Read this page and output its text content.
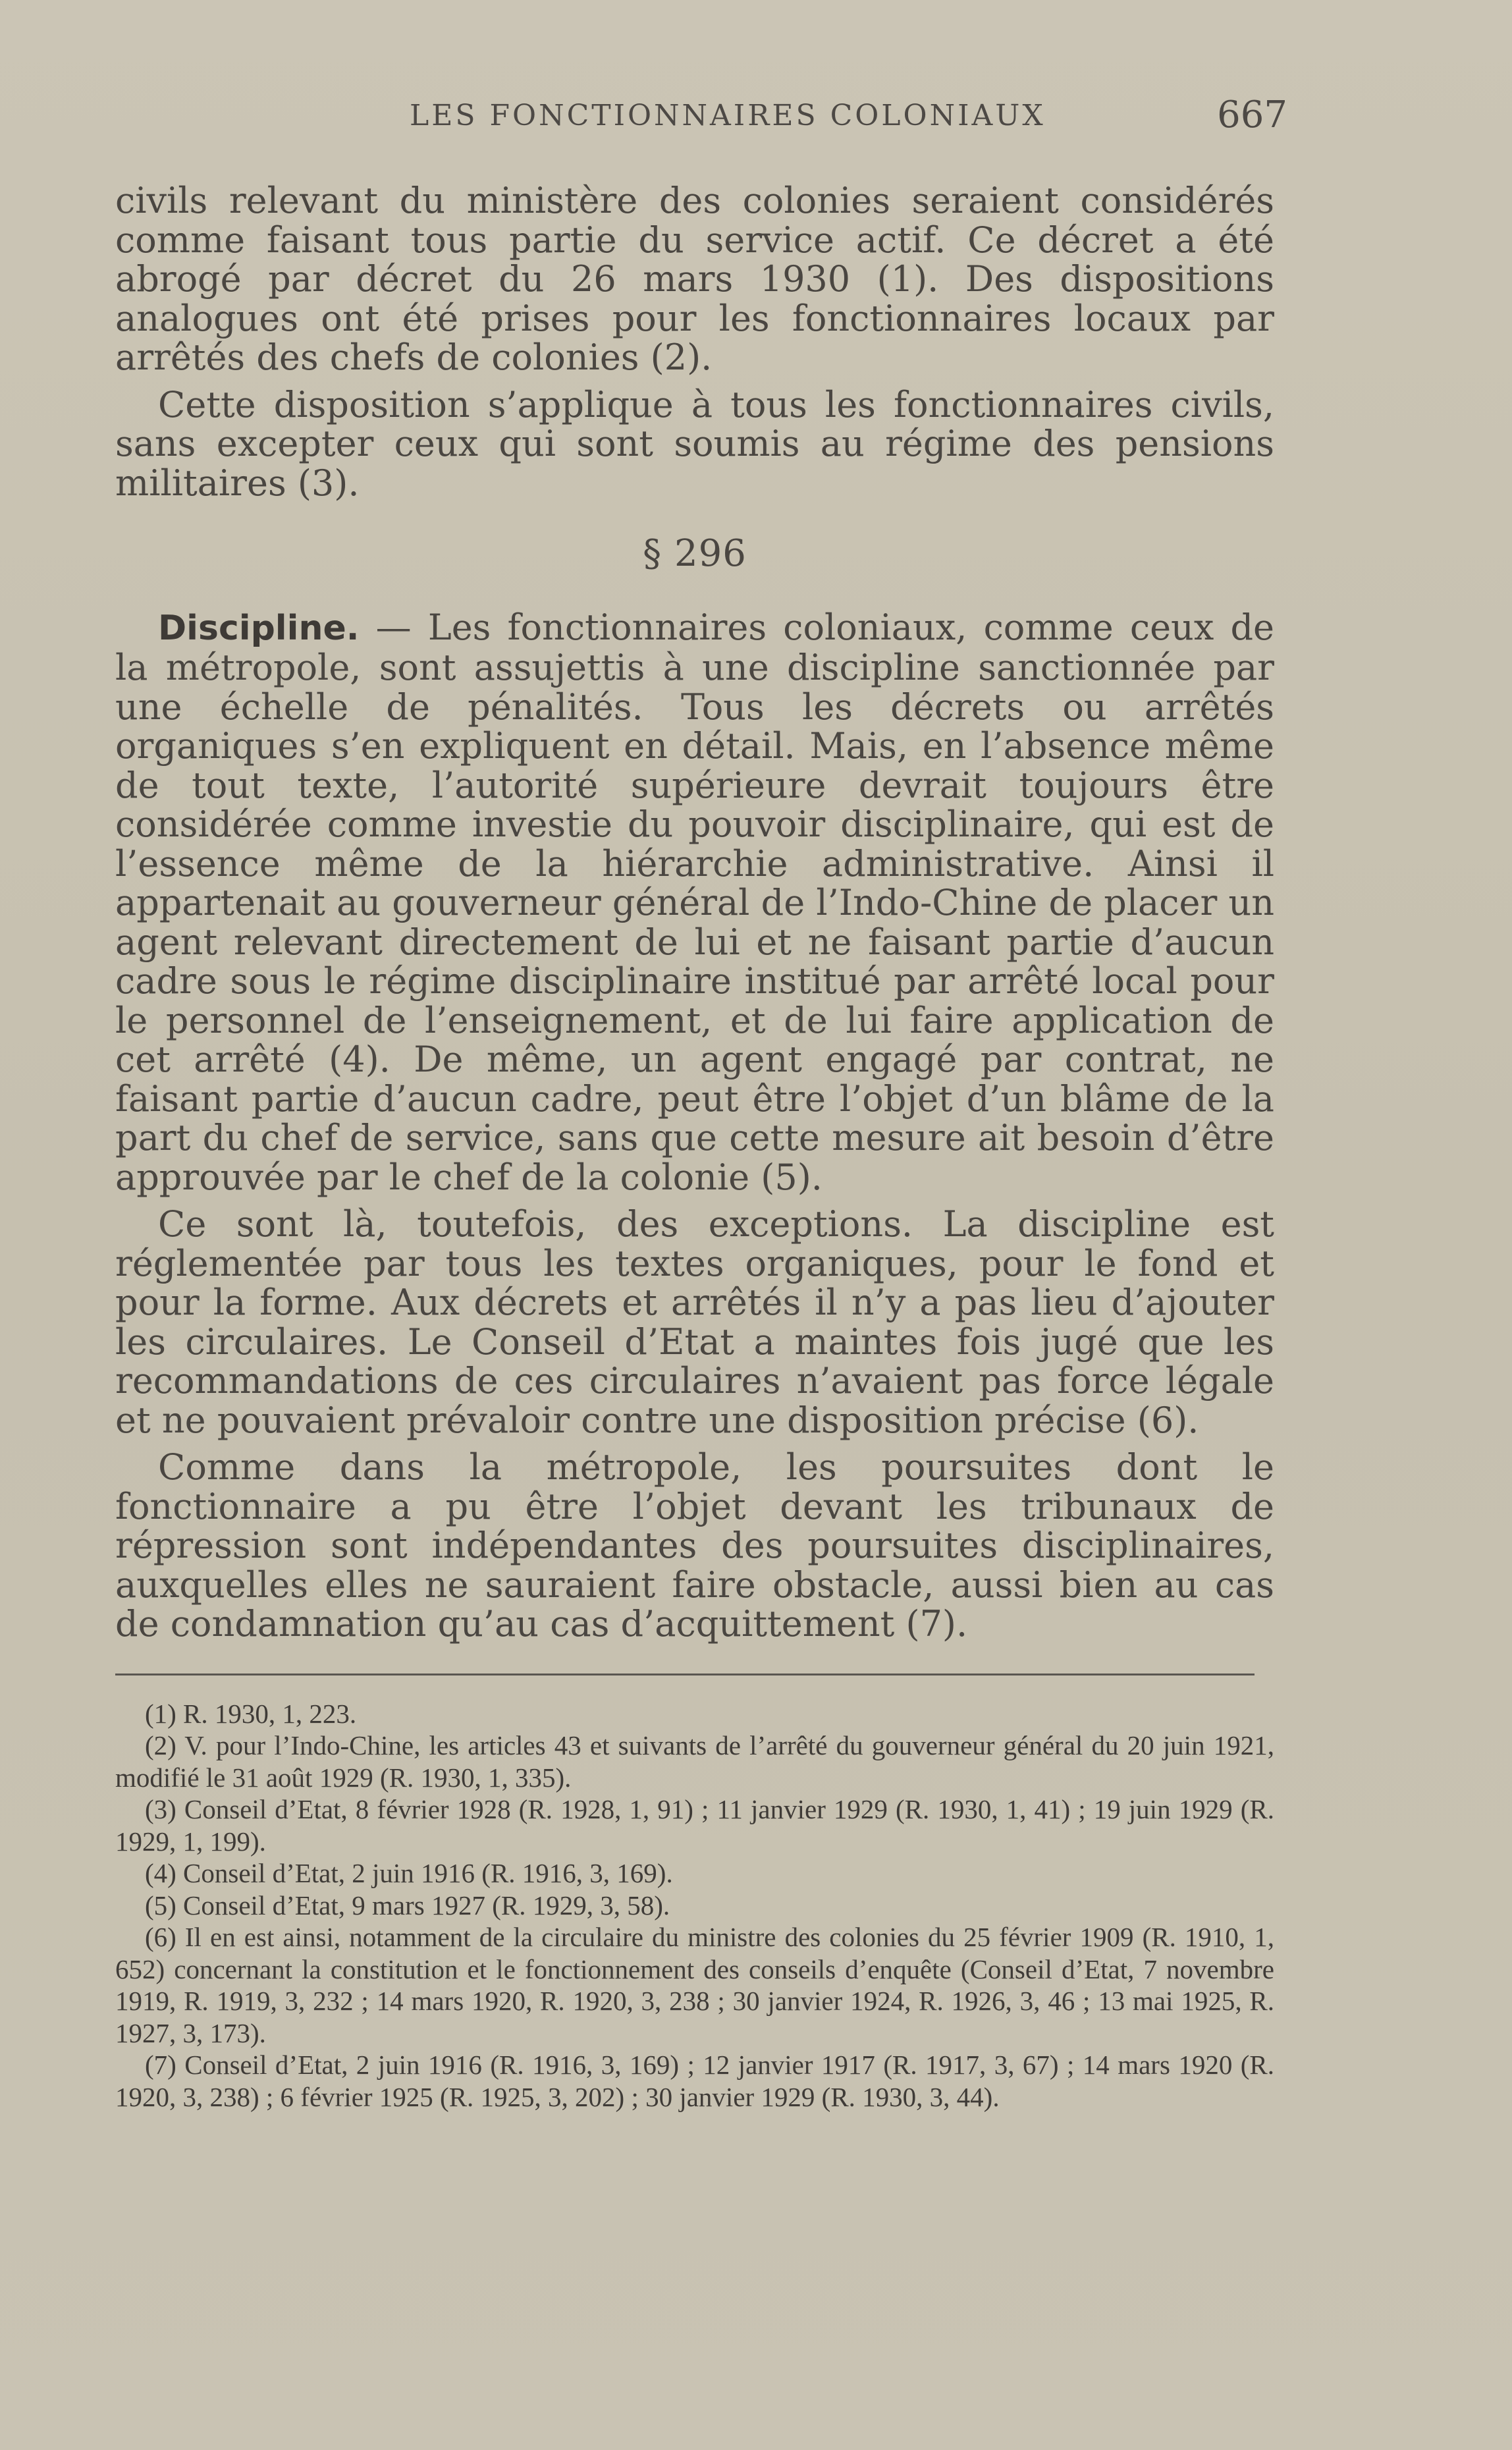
LES FONCTIONNAIRES COLONIAUX	667

civils relevant du ministère des colonies seraient considérés comme faisant tous partie du service actif. Ce décret a été abrogé par décret du 26 mars 1930 (1). Des dispositions analogues ont été prises pour les fonctionnaires locaux par arrêtés des chefs de colonies (2).

Cette disposition s’applique à tous les fonctionnaires civils, sans excepter ceux qui sont soumis au régime des pensions militaires (3).

§ 296

Discipline. — Les fonctionnaires coloniaux, comme ceux de la métropole, sont assujettis à une discipline sanctionnée par une échelle de pénalités. Tous les décrets ou arrêtés organiques s’en expliquent en détail. Mais, en l’absence même de tout texte, l’autorité supérieure devrait toujours être considérée comme investie du pouvoir disciplinaire, qui est de l’essence même de la hiérarchie administrative. Ainsi il appartenait au gouverneur général de l’Indo-Chine de placer un agent relevant directement de lui et ne faisant partie d’aucun cadre sous le régime disciplinaire institué par arrêté local pour le personnel de l’enseignement, et de lui faire application de cet arrêté (4). De même, un agent engagé par contrat, ne faisant partie d’aucun cadre, peut être l’objet d’un blâme de la part du chef de service, sans que cette mesure ait besoin d’être approuvée par le chef de la colonie (5).

Ce sont là, toutefois, des exceptions. La discipline est réglementée par tous les textes organiques, pour le fond et pour la forme. Aux décrets et arrêtés il n’y a pas lieu d’ajouter les circulaires. Le Conseil d’Etat a maintes fois jugé que les recommandations de ces circulaires n’avaient pas force légale et ne pouvaient prévaloir contre une disposition précise (6).

Comme dans la métropole, les poursuites dont le fonctionnaire a pu être l’objet devant les tribunaux de répression sont indépendantes des poursuites disciplinaires, auxquelles elles ne sauraient faire obstacle, aussi bien au cas de condamnation qu’au cas d’acquittement (7).

(1) R. 1930, 1, 223.

(2) V. pour l’Indo-Chine, les articles 43 et suivants de l’arrêté du gouverneur général du 20 juin 1921, modifié le 31 août 1929 (R. 1930, 1, 335).

(3) Conseil d’Etat, 8 février 1928 (R. 1928, 1, 91) ; 11 janvier 1929 (R. 1930, 1, 41) ; 19 juin 1929 (R. 1929, 1, 199).

(4) Conseil d’Etat, 2 juin 1916 (R. 1916, 3, 169).

(5) Conseil d’Etat, 9 mars 1927 (R. 1929, 3, 58).

(6) Il en est ainsi, notamment de la circulaire du ministre des colonies du 25 février 1909 (R. 1910, 1, 652) concernant la constitution et le fonctionnement des conseils d’enquête (Conseil d’Etat, 7 novembre 1919, R. 1919, 3, 232 ; 14 mars 1920, R. 1920, 3, 238 ; 30 janvier 1924, R. 1926, 3, 46 ; 13 mai 1925, R. 1927, 3, 173).

(7) Conseil d’Etat, 2 juin 1916 (R. 1916, 3, 169) ; 12 janvier 1917 (R. 1917, 3, 67) ; 14 mars 1920 (R. 1920, 3, 238) ; 6 février 1925 (R. 1925, 3, 202) ; 30 janvier 1929 (R. 1930, 3, 44).
